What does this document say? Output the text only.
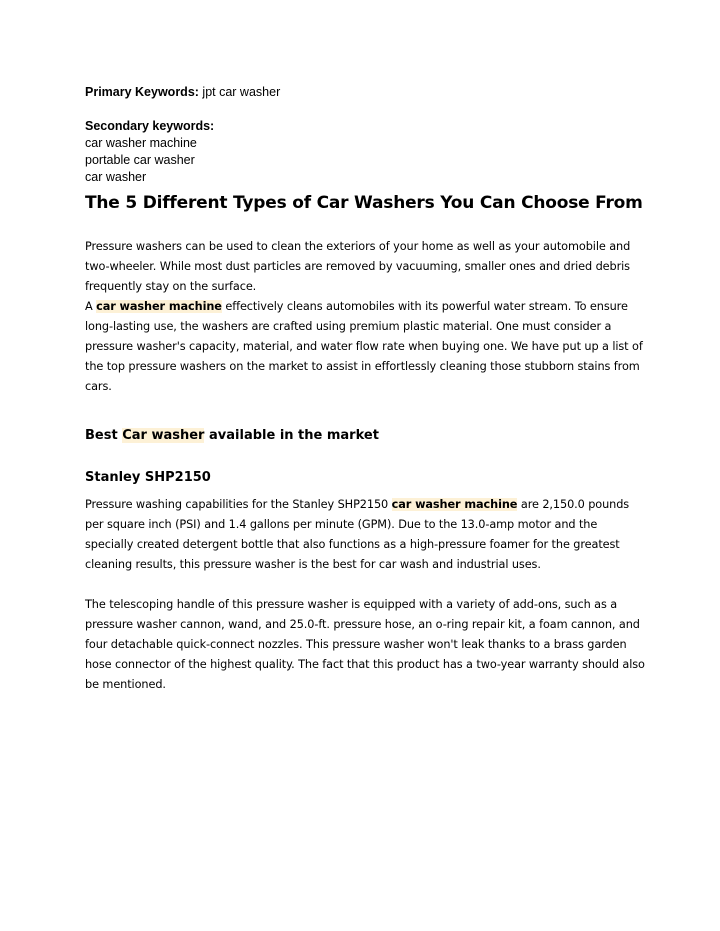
Primary Keywords: jpt car washer
Secondary keywords:
car washer machine
portable car washer
car washer
The 5 Different Types of Car Washers You Can Choose From

Pressure washers can be used to clean the exteriors of your home as well as your automobile and two-wheeler. While most dust particles are removed by vacuuming, smaller ones and dried debris frequently stay on the surface.

A car washer machine effectively cleans automobiles with its powerful water stream. To ensure long-lasting use, the washers are crafted using premium plastic material. One must consider a pressure washer's capacity, material, and water flow rate when buying one. We have put up a list of the top pressure washers on the market to assist in effortlessly cleaning those stubborn stains from cars.

Best Car washer available in the market
Stanley SHP2150

Pressure washing capabilities for the Stanley SHP2150 car washer machine are 2,150.0 pounds per square inch (PSI) and 1.4 gallons per minute (GPM). Due to the 13.0-amp motor and the specially created detergent bottle that also functions as a high-pressure foamer for the greatest cleaning results, this pressure washer is the best for car wash and industrial uses.

The telescoping handle of this pressure washer is equipped with a variety of add-ons, such as a pressure washer cannon, wand, and 25.0-ft. pressure hose, an o-ring repair kit, a foam cannon, and four detachable quick-connect nozzles. This pressure washer won't leak thanks to a brass garden hose connector of the highest quality. The fact that this product has a two-year warranty should also be mentioned.
